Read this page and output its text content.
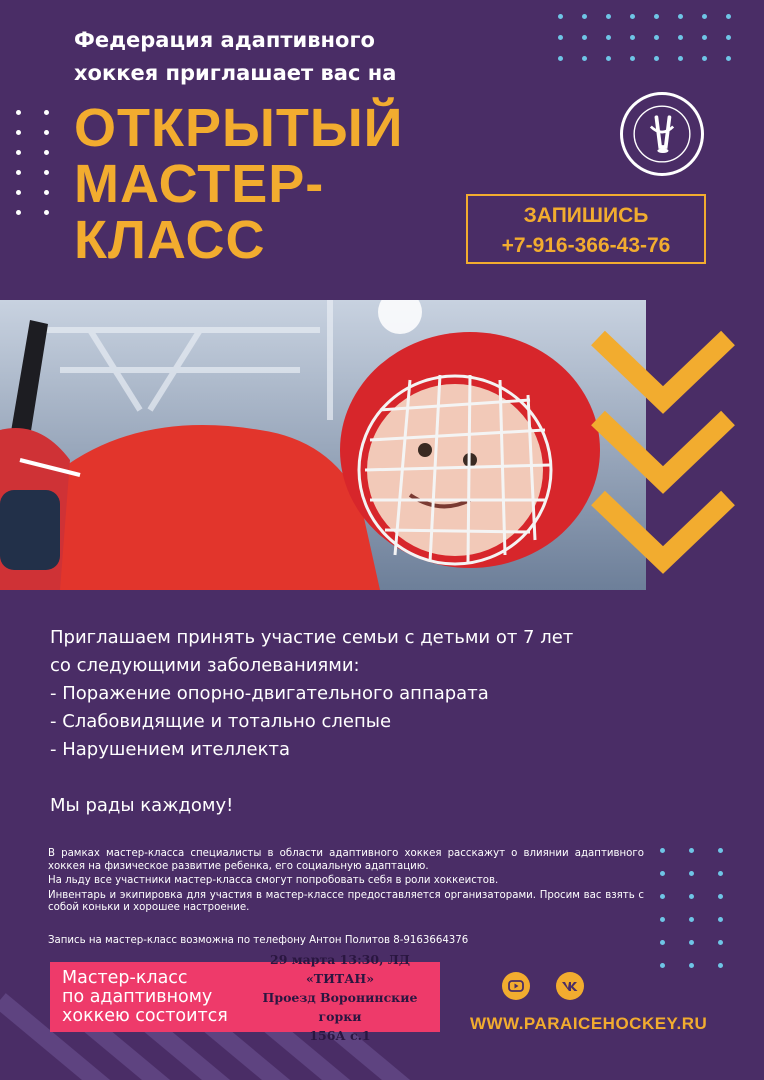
Федерация адаптивного
хоккея приглашает вас на
ОТКРЫТЫЙ
МАСТЕР-
КЛАСС	ЗАПИШИСЬ
+7-916-366-43-76
Приглашаем принять участие семьи с детьми от 7 лет
со следующими заболеваниями:
- Поражение опорно-двигательного аппарата
- Слабовидящие и тотально слепые
- Нарушением ителлекта
Мы рады каждому!

В рамках мастер-класса специалисты в области адаптивного хоккея расскажут о влиянии адаптивного хоккея на физическое развитие ребенка, его социальную адаптацию.

На льду все участники мастер-класса смогут попробовать себя в роли хоккеистов.

Инвентарь и экипировка для участия в мастер-классе предоставляется организаторами. Просим вас взять с собой коньки и хорошее настроение.

Запись на мастер-класс возможна по телефону Антон Политов 8-9163664376
Мастер-класс
по адаптивному
хоккею состоится
29 марта 13:30, ЛД «ТИТАН»
Проезд Воронинские горки
156А с.1
WWW.PARAICEHOCKEY.RU
